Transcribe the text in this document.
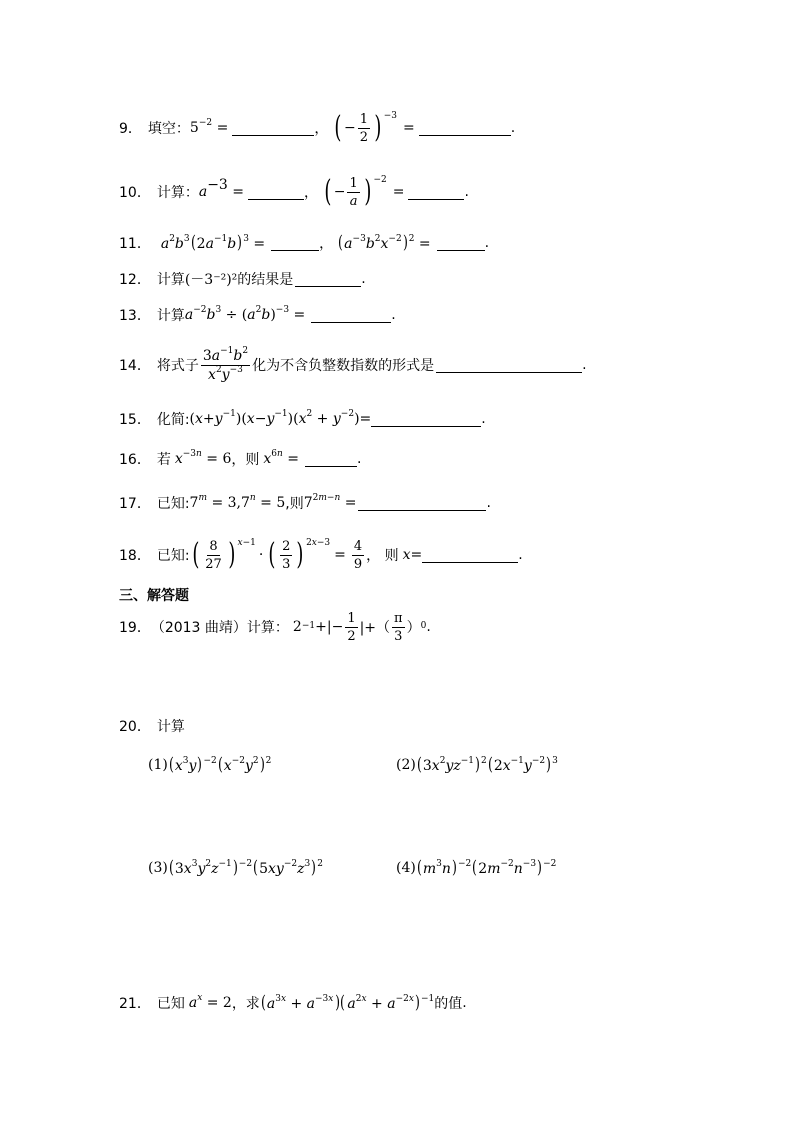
9． 填空： $5^{-2}$ =	， ( − $\frac{1}{2}$ ) $^{-3}$
=	.
10． 计算： $a^{-3}$ =	， ( − $\frac{1}{a}$ ) $^{-2}$
=	.
11． $a^2b^3(2a^{-1}b)^3$ =	， $(a^{-3}b^2x^{-2})^2$ =	.
12． 计算 (－3⁻²)² 的结果是	.
13． 计算 $a^{-2}b^3 \div (a^2b)^{-3}$ =	.
14． 将式子 $\frac{3a^{-1}b^2}{x^2y^{-3}}$ 化为不含负整数指数的形式是	.
15． 化简: $(x+y^{-1})(x-y^{-1})(x^2 + y^{-2})=$	.
16． 若 $x^{-3n} = 6$ ，则 $x^{6n}$ =	.
17． 已知: $7^m = 3,7^n = 5$ ,则 $7^{2m-n}$ =	.
18． 已知: ( $\frac{8}{27}$ ) $^{x-1}$
· ( $\frac{2}{3}$ ) $^{2x-3}$
= $\frac{4}{9}$ ， 则 x =	.
三、解答题
19． （2013 曲靖）计算： $2^{-1}$ +|− $\frac{1}{2}$ |+（ $\frac{\pi}{3} )^0$ .
20． 计算
(1) $(x^3y)^{-2}(x^{-2}y^2)^2$	(2) $(3x^2yz^{-1})^2(2x^{-1}y^{-2})^3$
(3) $(3x^3y^2z^{-1})^{-2}(5xy^{-2}z^3)^2$	(4) $(m^3n)^{-2}(2m^{-2}n^{-3})^{-2}$
21． 已知 $a^x = 2$ ，求 ($a^{3x} + a^{-3x}$ )( $a^{2x} + a^{-2x})^{-1}$ 的值 .
